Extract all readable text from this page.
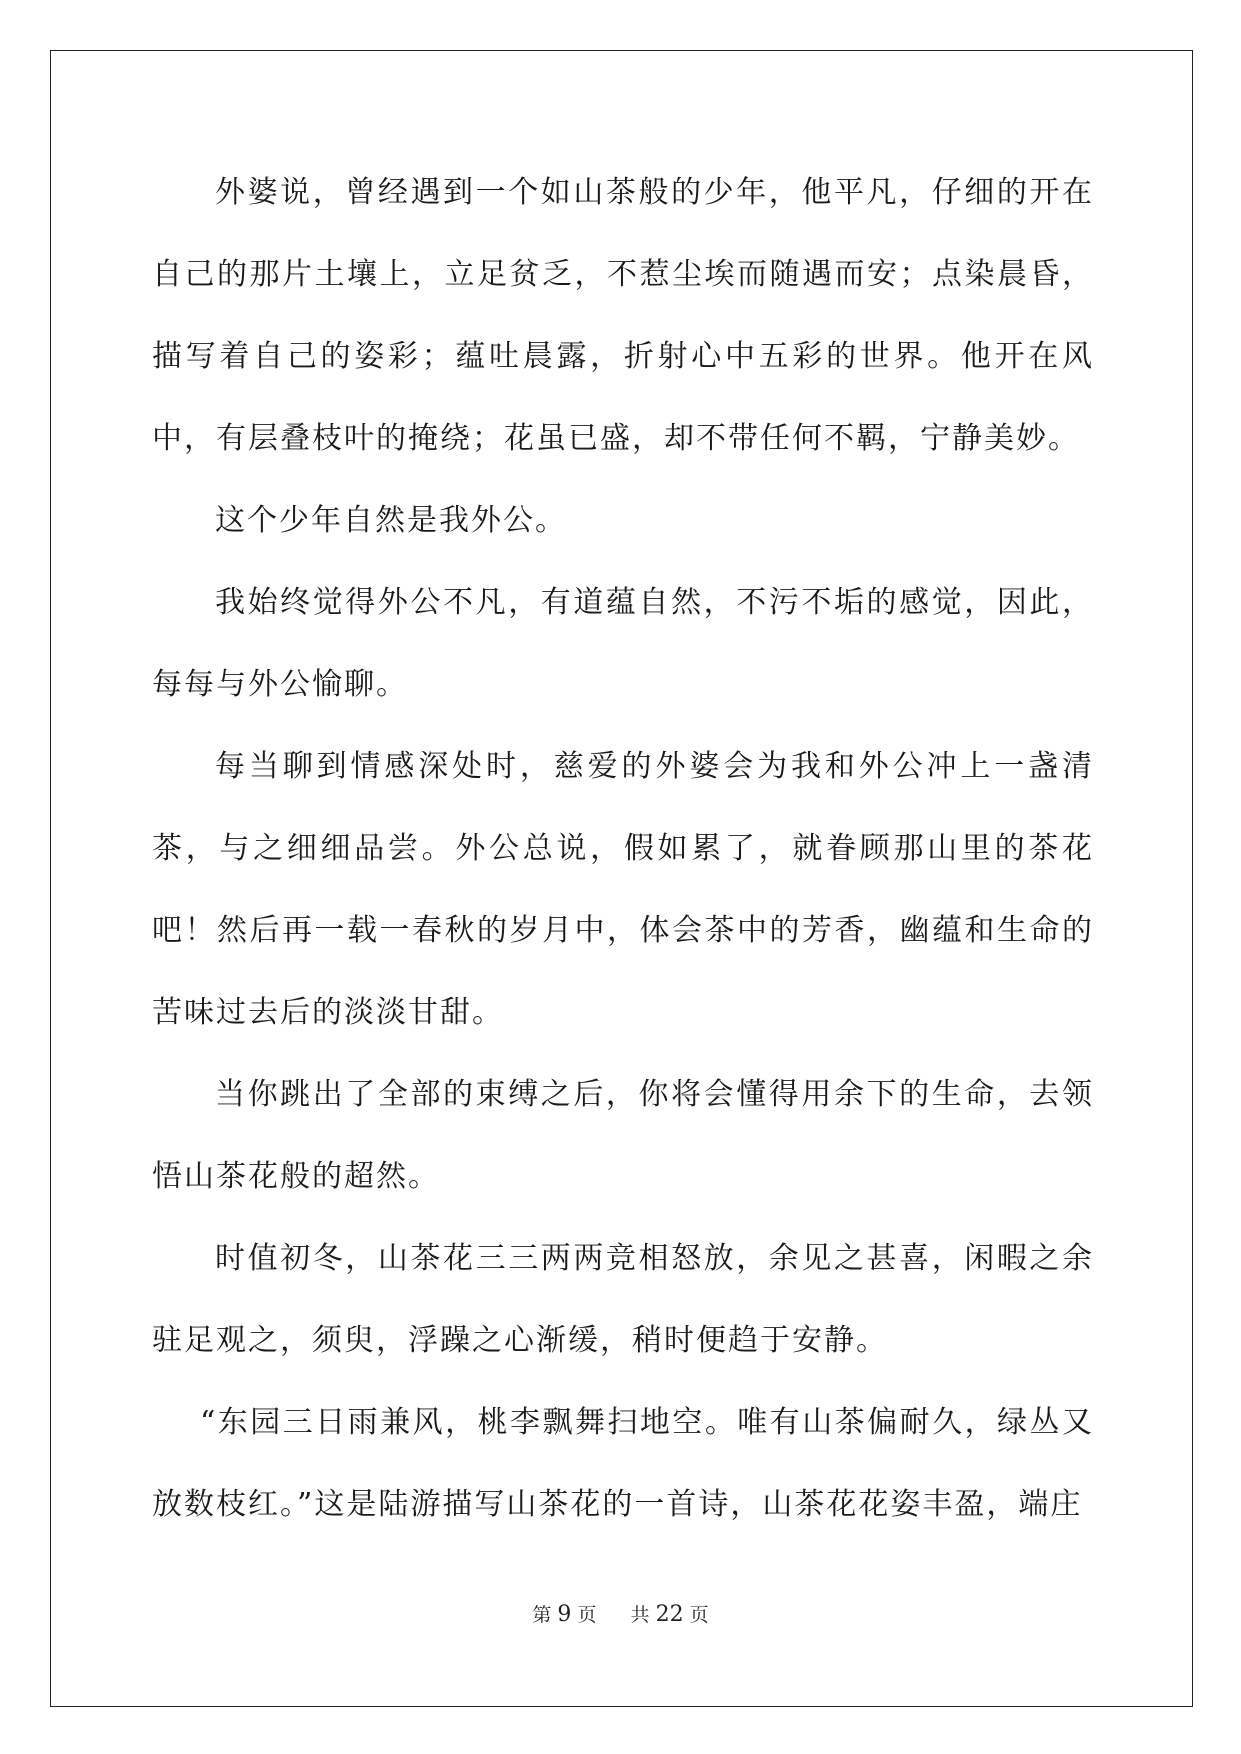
外婆说，曾经遇到一个如山茶般的少年，他平凡，仔细的开在自己的那片土壤上，立足贫乏，不惹尘埃而随遇而安；点染晨昏，描写着自己的姿彩；蕴吐晨露，折射心中五彩的世界。他开在风中，有层叠枝叶的掩绕；花虽已盛，却不带任何不羁，宁静美妙。

这个少年自然是我外公。

我始终觉得外公不凡，有道蕴自然，不污不垢的感觉，因此，每每与外公愉聊。

每当聊到情感深处时，慈爱的外婆会为我和外公冲上一盏清茶，与之细细品尝。外公总说，假如累了，就眷顾那山里的茶花吧！然后再一载一春秋的岁月中，体会茶中的芳香，幽蕴和生命的苦味过去后的淡淡甘甜。

当你跳出了全部的束缚之后，你将会懂得用余下的生命，去领悟山茶花般的超然。

时值初冬，山茶花三三两两竞相怒放，余见之甚喜，闲暇之余驻足观之，须臾，浮躁之心渐缓，稍时便趋于安静。

“东园三日雨兼风，桃李飘舞扫地空。唯有山茶偏耐久，绿丛又放数枝红。”这是陆游描写山茶花的一首诗，山茶花花姿丰盈，端庄

第 9 页 共 22 页
